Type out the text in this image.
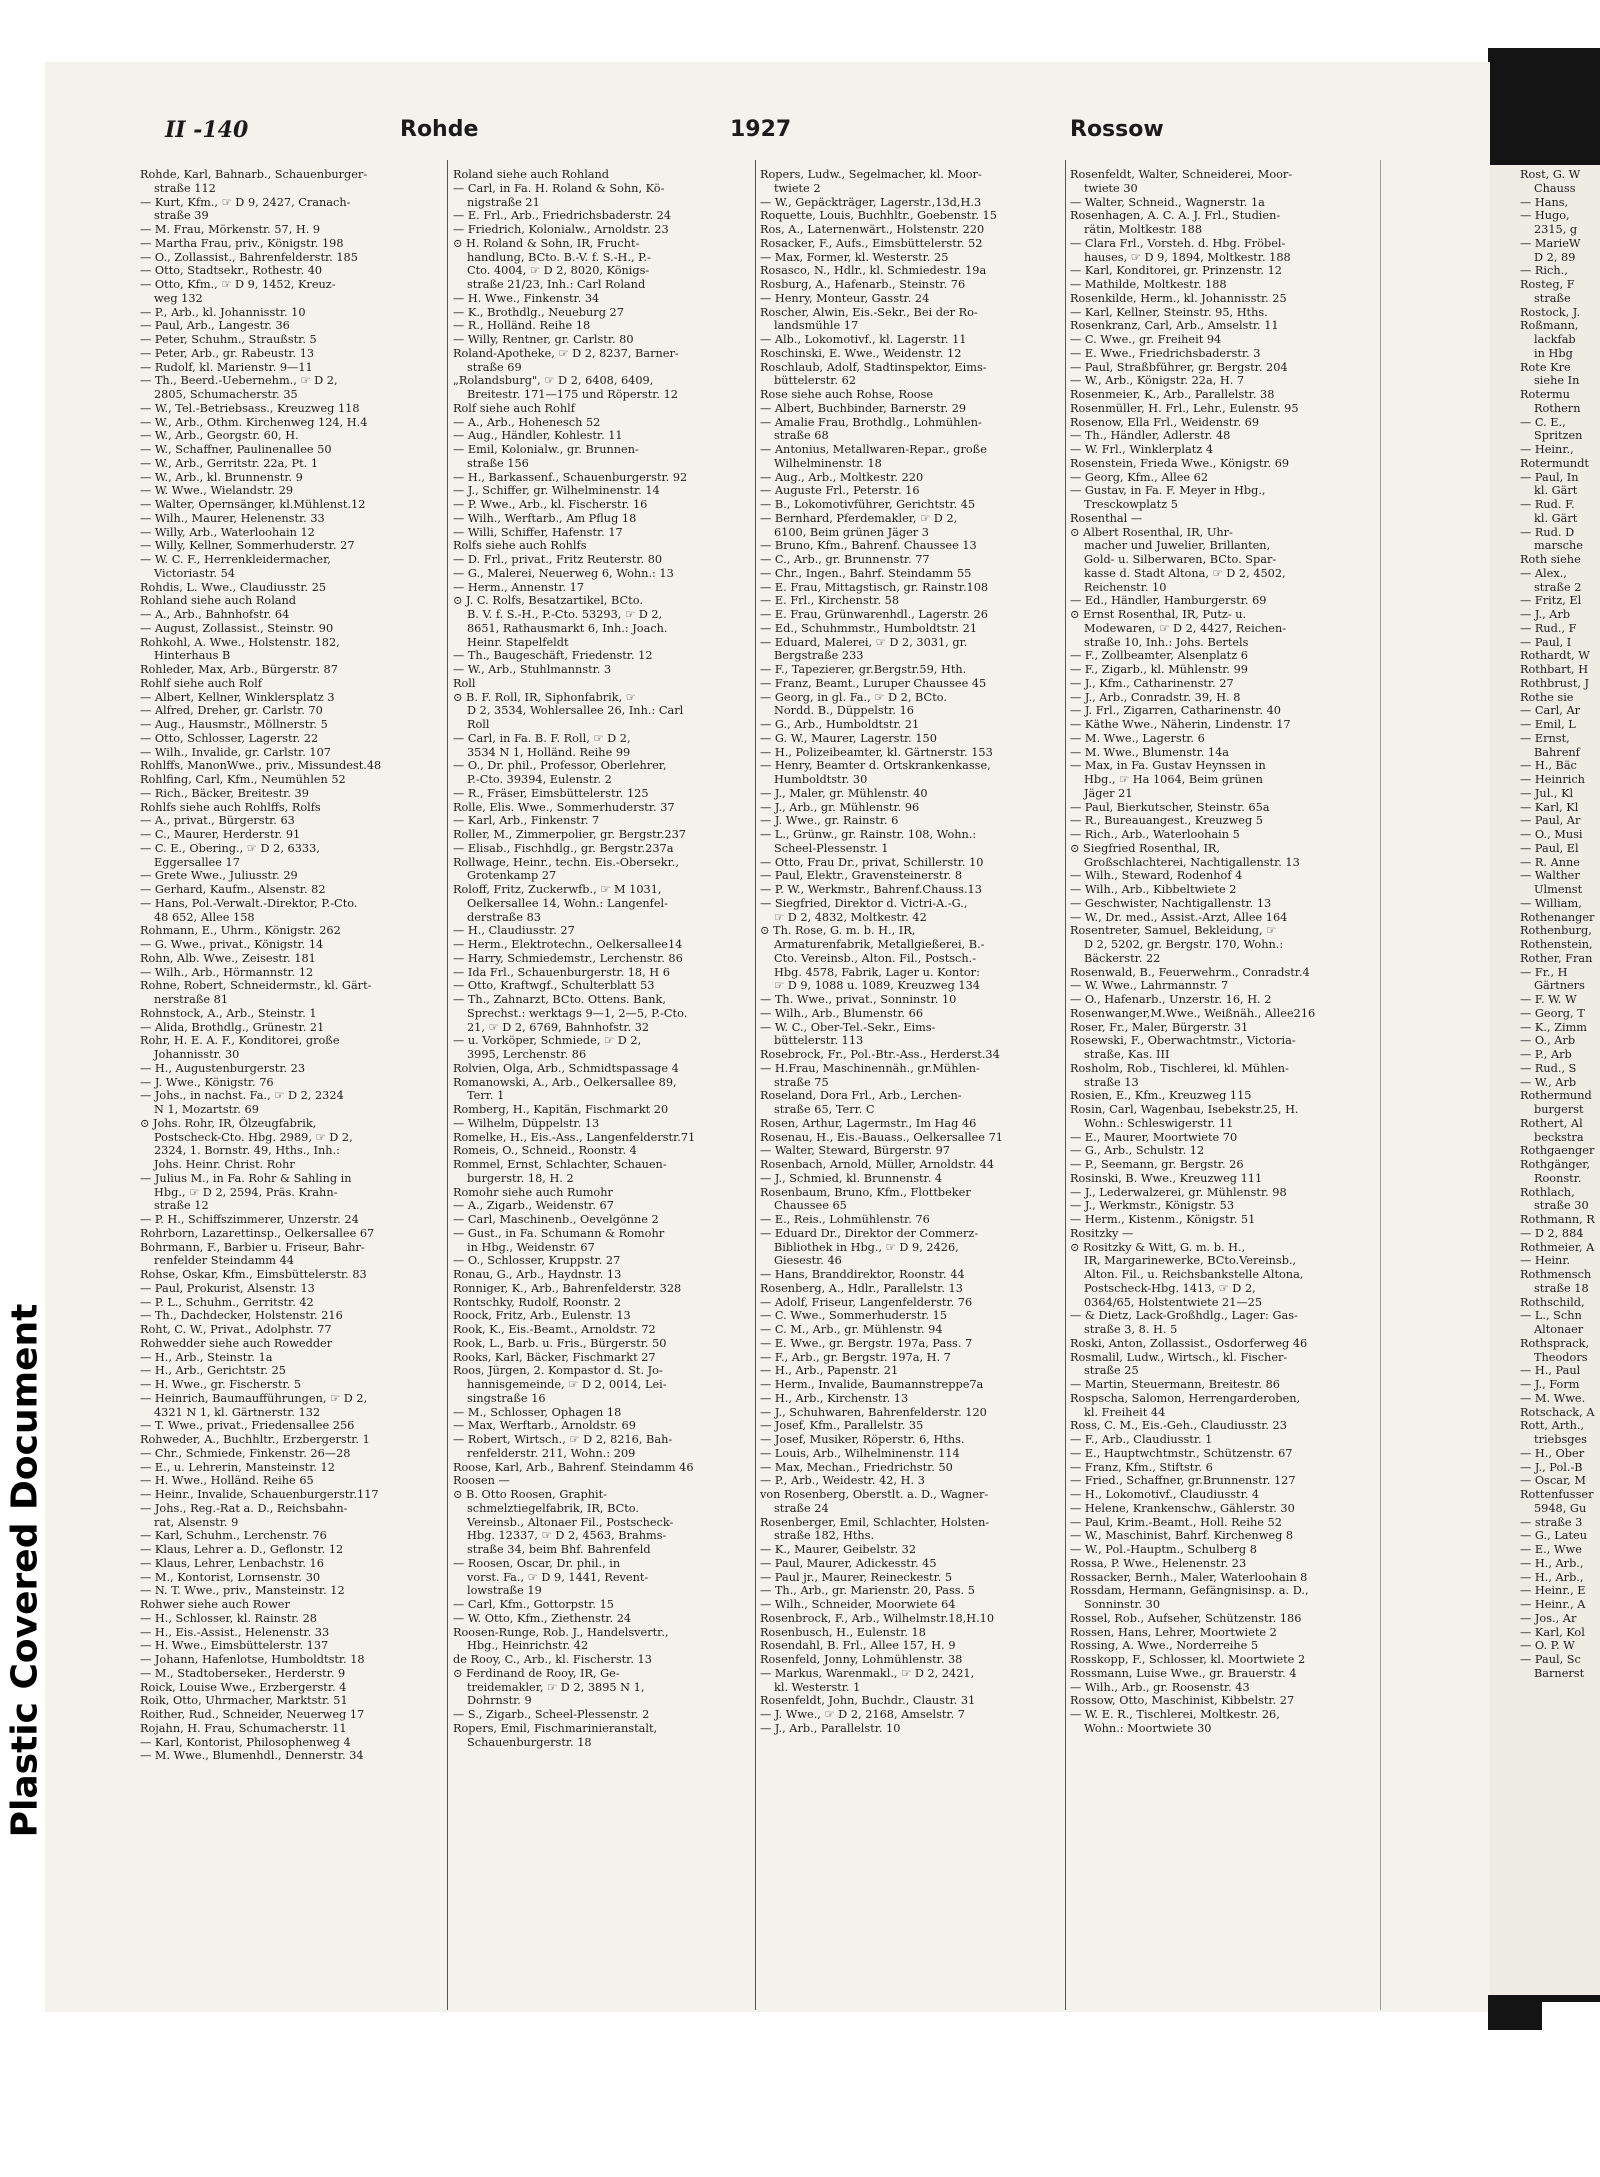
II -140	Rohde	1927	Rossow
Rohde, Karl, Bahnarb., Schauenburger-
straße 112
— Kurt, Kfm., ☞ D 9, 2427, Cranach-
straße 39
— M. Frau, Mörkenstr. 57, H. 9
— Martha Frau, priv., Königstr. 198
— O., Zollassist., Bahrenfelderstr. 185
— Otto, Stadtsekr., Rothestr. 40
— Otto, Kfm., ☞ D 9, 1452, Kreuz-
weg 132
— P., Arb., kl. Johannisstr. 10
— Paul, Arb., Langestr. 36
— Peter, Schuhm., Straußstr. 5
— Peter, Arb., gr. Rabeustr. 13
— Rudolf, kl. Marienstr. 9—11
— Th., Beerd.-Uebernehm., ☞ D 2,
2805, Schumacherstr. 35
— W., Tel.-Betriebsass., Kreuzweg 118
— W., Arb., Othm. Kirchenweg 124, H.4
— W., Arb., Georgstr. 60, H.
— W., Schaffner, Paulinenallee 50
— W., Arb., Gerritstr. 22a, Pt. 1
— W., Arb., kl. Brunnenstr. 9
— W. Wwe., Wielandstr. 29
— Walter, Opernsänger, kl.Mühlenst.12
— Wilh., Maurer, Helenenstr. 33
— Willy, Arb., Waterloohain 12
— Willy, Kellner, Sommerhuderstr. 27
— W. C. F., Herrenkleidermacher,
Victoriastr. 54
Rohdis, L. Wwe., Claudiusstr. 25
Rohland siehe auch Roland
— A., Arb., Bahnhofstr. 64
— August, Zollassist., Steinstr. 90
Rohkohl, A. Wwe., Holstenstr. 182,
Hinterhaus B
Rohleder, Max, Arb., Bürgerstr. 87
Rohlf siehe auch Rolf
— Albert, Kellner, Winklersplatz 3
— Alfred, Dreher, gr. Carlstr. 70
— Aug., Hausmstr., Möllnerstr. 5
— Otto, Schlosser, Lagerstr. 22
— Wilh., Invalide, gr. Carlstr. 107
Rohlffs, ManonWwe., priv., Missundest.48
Rohlfing, Carl, Kfm., Neumühlen 52
— Rich., Bäcker, Breitestr. 39
Rohlfs siehe auch Rohlffs, Rolfs
— A., privat., Bürgerstr. 63
— C., Maurer, Herderstr. 91
— C. E., Obering., ☞ D 2, 6333,
Eggersallee 17
— Grete Wwe., Juliusstr. 29
— Gerhard, Kaufm., Alsenstr. 82
— Hans, Pol.-Verwalt.-Direktor, P.-Cto.
48 652, Allee 158
Rohmann, E., Uhrm., Königstr. 262
— G. Wwe., privat., Königstr. 14
Rohn, Alb. Wwe., Zeisestr. 181
— Wilh., Arb., Hörmannstr. 12
Rohne, Robert, Schneidermstr., kl. Gärt-
nerstraße 81
Rohnstock, A., Arb., Steinstr. 1
— Alida, Brothdlg., Grünestr. 21
Rohr, H. E. A. F., Konditorei, große
Johannisstr. 30
— H., Augustenburgerstr. 23
— J. Wwe., Königstr. 76
— Johs., in nachst. Fa., ☞ D 2, 2324
N 1, Mozartstr. 69
⊙ Johs. Rohr, IR, Ölzeugfabrik,
Postscheck-Cto. Hbg. 2989, ☞ D 2,
2324, 1. Bornstr. 49, Hths., Inh.:
Johs. Heinr. Christ. Rohr
— Julius M., in Fa. Rohr & Sahling in
Hbg., ☞ D 2, 2594, Präs. Krahn-
straße 12
— P. H., Schiffszimmerer, Unzerstr. 24
Rohrborn, Lazarettinsp., Oelkersallee 67
Bohrmann, F., Barbier u. Friseur, Bahr-
renfelder Steindamm 44
Rohse, Oskar, Kfm., Eimsbüttelerstr. 83
— Paul, Prokurist, Alsenstr. 13
— P. L., Schuhm., Gerritstr. 42
— Th., Dachdecker, Holstenstr. 216
Roht, C. W., Privat., Adolphstr. 77
Rohwedder siehe auch Rowedder
— H., Arb., Steinstr. 1a
— H., Arb., Gerichtstr. 25
— H. Wwe., gr. Fischerstr. 5
— Heinrich, Baumaufführungen, ☞ D 2,
4321 N 1, kl. Gärtnerstr. 132
— T. Wwe., privat., Friedensallee 256
Rohweder, A., Buchhltr., Erzbergerstr. 1
— Chr., Schmiede, Finkenstr. 26—28
— E., u. Lehrerin, Mansteinstr. 12
— H. Wwe., Holländ. Reihe 65
— Heinr., Invalide, Schauenburgerstr.117
— Johs., Reg.-Rat a. D., Reichsbahn-
rat, Alsenstr. 9
— Karl, Schuhm., Lerchenstr. 76
— Klaus, Lehrer a. D., Geflonstr. 12
— Klaus, Lehrer, Lenbachstr. 16
— M., Kontorist, Lornsenstr. 30
— N. T. Wwe., priv., Mansteinstr. 12
Rohwer siehe auch Rower
— H., Schlosser, kl. Rainstr. 28
— H., Eis.-Assist., Helenenstr. 33
— H. Wwe., Eimsbüttelerstr. 137
— Johann, Hafenlotse, Humboldtstr. 18
— M., Stadtoberseker., Herderstr. 9
Roick, Louise Wwe., Erzbergerstr. 4
Roik, Otto, Uhrmacher, Marktstr. 51
Roither, Rud., Schneider, Neuerweg 17
Rojahn, H. Frau, Schumacherstr. 11
— Karl, Kontorist, Philosophenweg 4
— M. Wwe., Blumenhdl., Dennerstr. 34
Roland siehe auch Rohland
— Carl, in Fa. H. Roland & Sohn, Kö-
nigstraße 21
— E. Frl., Arb., Friedrichsbaderstr. 24
— Friedrich, Kolonialw., Arnoldstr. 23
⊙ H. Roland & Sohn, IR, Frucht-
handlung, BCto. B.-V. f. S.-H., P.-
Cto. 4004, ☞ D 2, 8020, Königs-
straße 21/23, Inh.: Carl Roland
— H. Wwe., Finkenstr. 34
— K., Brothdlg., Neueburg 27
— R., Holländ. Reihe 18
— Willy, Rentner, gr. Carlstr. 80
Roland-Apotheke, ☞ D 2, 8237, Barner-
straße 69
„Rolandsburg", ☞ D 2, 6408, 6409,
Breitestr. 171—175 und Röperstr. 12
Rolf siehe auch Rohlf
— A., Arb., Hohenesch 52
— Aug., Händler, Kohlestr. 11
— Emil, Kolonialw., gr. Brunnen-
straße 156
— H., Barkassenf., Schauenburgerstr. 92
— J., Schiffer, gr. Wilhelminenstr. 14
— P. Wwe., Arb., kl. Fischerstr. 16
— Wilh., Werftarb., Am Pflug 18
— Willi, Schiffer, Hafenstr. 17
Rolfs siehe auch Rohlfs
— D. Frl., privat., Fritz Reuterstr. 80
— G., Malerei, Neuerweg 6, Wohn.: 13
— Herm., Annenstr. 17
⊙ J. C. Rolfs, Besatzartikel, BCto.
B. V. f. S.-H., P.-Cto. 53293, ☞ D 2,
8651, Rathausmarkt 6, Inh.: Joach.
Heinr. Stapelfeldt
— Th., Baugeschäft, Friedenstr. 12
— W., Arb., Stuhlmannstr. 3
Roll
⊙ B. F. Roll, IR, Siphonfabrik, ☞
D 2, 3534, Wohlersallee 26, Inh.: Carl
Roll
— Carl, in Fa. B. F. Roll, ☞ D 2,
3534 N 1, Holländ. Reihe 99
— O., Dr. phil., Professor, Oberlehrer,
P.-Cto. 39394, Eulenstr. 2
— R., Fräser, Eimsbüttelerstr. 125
Rolle, Elis. Wwe., Sommerhuderstr. 37
— Karl, Arb., Finkenstr. 7
Roller, M., Zimmerpolier, gr. Bergstr.237
— Elisab., Fischhdlg., gr. Bergstr.237a
Rollwage, Heinr., techn. Eis.-Obersekr.,
Grotenkamp 27
Roloff, Fritz, Zuckerwfb., ☞ M 1031,
Oelkersallee 14, Wohn.: Langenfel-
derstraße 83
— H., Claudiusstr. 27
— Herm., Elektrotechn., Oelkersallee14
— Harry, Schmiedemstr., Lerchenstr. 86
— Ida Frl., Schauenburgerstr. 18, H 6
— Otto, Kraftwgf., Schulterblatt 53
— Th., Zahnarzt, BCto. Ottens. Bank,
Sprechst.: werktags 9—1, 2—5, P.-Cto.
21, ☞ D 2, 6769, Bahnhofstr. 32
— u. Vorköper, Schmiede, ☞ D 2,
3995, Lerchenstr. 86
Rolvien, Olga, Arb., Schmidtspassage 4
Romanowski, A., Arb., Oelkersallee 89,
Terr. 1
Romberg, H., Kapitän, Fischmarkt 20
— Wilhelm, Düppelstr. 13
Romelke, H., Eis.-Ass., Langenfelderstr.71
Romeis, O., Schneid., Roonstr. 4
Rommel, Ernst, Schlachter, Schauen-
burgerstr. 18, H. 2
Romohr siehe auch Rumohr
— A., Zigarb., Weidenstr. 67
— Carl, Maschinenb., Oevelgönne 2
— Gust., in Fa. Schumann & Romohr
in Hbg., Weidenstr. 67
— O., Schlosser, Kruppstr. 27
Ronau, G., Arb., Haydnstr. 13
Ronniger, K., Arb., Bahrenfelderstr. 328
Rontschky, Rudolf, Roonstr. 2
Roock, Fritz, Arb., Eulenstr. 13
Rook, K., Eis.-Beamt., Arnoldstr. 72
Rook, L., Barb. u. Fris., Bürgerstr. 50
Rooks, Karl, Bäcker, Fischmarkt 27
Roos, Jürgen, 2. Kompastor d. St. Jo-
hannisgemeinde, ☞ D 2, 0014, Lei-
singstraße 16
— M., Schlosser, Ophagen 18
— Max, Werftarb., Arnoldstr. 69
— Robert, Wirtsch., ☞ D 2, 8216, Bah-
renfelderstr. 211, Wohn.: 209
Roose, Karl, Arb., Bahrenf. Steindamm 46
Roosen —
⊙ B. Otto Roosen, Graphit-
schmelztiegelfabrik, IR, BCto.
Vereinsb., Altonaer Fil., Postscheck-
Hbg. 12337, ☞ D 2, 4563, Brahms-
straße 34, beim Bhf. Bahrenfeld
— Roosen, Oscar, Dr. phil., in
vorst. Fa., ☞ D 9, 1441, Revent-
lowstraße 19
— Carl, Kfm., Gottorpstr. 15
— W. Otto, Kfm., Ziethenstr. 24
Roosen-Runge, Rob. J., Handelsvertr.,
Hbg., Heinrichstr. 42
de Rooy, C., Arb., kl. Fischerstr. 13
⊙ Ferdinand de Rooy, IR, Ge-
treidemakler, ☞ D 2, 3895 N 1,
Dohrnstr. 9
— S., Zigarb., Scheel-Plessenstr. 2
Ropers, Emil, Fischmarinieranstalt,
Schauenburgerstr. 18
Ropers, Ludw., Segelmacher, kl. Moor-
twiete 2
— W., Gepäckträger, Lagerstr.,13d,H.3
Roquette, Louis, Buchhltr., Goebenstr. 15
Ros, A., Laternenwärt., Holstenstr. 220
Rosacker, F., Aufs., Eimsbüttelerstr. 52
— Max, Former, kl. Westerstr. 25
Rosasco, N., Hdlr., kl. Schmiedestr. 19a
Rosburg, A., Hafenarb., Steinstr. 76
— Henry, Monteur, Gasstr. 24
Roscher, Alwin, Eis.-Sekr., Bei der Ro-
landsmühle 17
— Alb., Lokomotivf., kl. Lagerstr. 11
Roschinski, E. Wwe., Weidenstr. 12
Roschlaub, Adolf, Stadtinspektor, Eims-
büttelerstr. 62
Rose siehe auch Rohse, Roose
— Albert, Buchbinder, Barnerstr. 29
— Amalie Frau, Brothdlg., Lohmühlen-
straße 68
— Antonius, Metallwaren-Repar., große
Wilhelminenstr. 18
— Aug., Arb., Moltkestr. 220
— Auguste Frl., Peterstr. 16
— B., Lokomotivführer, Gerichtstr. 45
— Bernhard, Pferdemakler, ☞ D 2,
6100, Beim grünen Jäger 3
— Bruno, Kfm., Bahrenf. Chaussee 13
— C., Arb., gr. Brunnenstr. 77
— Chr., Ingen., Bahrf. Steindamm 55
— E. Frau, Mittagstisch, gr. Rainstr.108
— E. Frl., Kirchenstr. 58
— E. Frau, Grünwarenhdl., Lagerstr. 26
— Ed., Schuhmmstr., Humboldtstr. 21
— Eduard, Malerei, ☞ D 2, 3031, gr.
Bergstraße 233
— F., Tapezierer, gr.Bergstr.59, Hth.
— Franz, Beamt., Luruper Chaussee 45
— Georg, in gl. Fa., ☞ D 2, BCto.
Nordd. B., Düppelstr. 16
— G., Arb., Humboldtstr. 21
— G. W., Maurer, Lagerstr. 150
— H., Polizeibeamter, kl. Gärtnerstr. 153
— Henry, Beamter d. Ortskrankenkasse,
Humboldtstr. 30
— J., Maler, gr. Mühlenstr. 40
— J., Arb., gr. Mühlenstr. 96
— J. Wwe., gr. Rainstr. 6
— L., Grünw., gr. Rainstr. 108, Wohn.:
Scheel-Plessenstr. 1
— Otto, Frau Dr., privat, Schillerstr. 10
— Paul, Elektr., Gravensteinerstr. 8
— P. W., Werkmstr., Bahrenf.Chauss.13
— Siegfried, Direktor d. Victri-A.-G.,
☞ D 2, 4832, Moltkestr. 42
⊙ Th. Rose, G. m. b. H., IR,
Armaturenfabrik, Metallgießerei, B.-
Cto. Vereinsb., Alton. Fil., Postsch.-
Hbg. 4578, Fabrik, Lager u. Kontor:
☞ D 9, 1088 u. 1089, Kreuzweg 134
— Th. Wwe., privat., Sonninstr. 10
— Wilh., Arb., Blumenstr. 66
— W. C., Ober-Tel.-Sekr., Eims-
büttelerstr. 113
Rosebrock, Fr., Pol.-Btr.-Ass., Herderst.34
— H.Frau, Maschinennäh., gr.Mühlen-
straße 75
Roseland, Dora Frl., Arb., Lerchen-
straße 65, Terr. C
Rosen, Arthur, Lagermstr., Im Hag 46
Rosenau, H., Eis.-Bauass., Oelkersallee 71
— Walter, Steward, Bürgerstr. 97
Rosenbach, Arnold, Müller, Arnoldstr. 44
— J., Schmied, kl. Brunnenstr. 4
Rosenbaum, Bruno, Kfm., Flottbeker
Chaussee 65
— E., Reis., Lohmühlenstr. 76
— Eduard Dr., Direktor der Commerz-
Bibliothek in Hbg., ☞ D 9, 2426,
Giesestr. 46
— Hans, Branddirektor, Roonstr. 44
Rosenberg, A., Hdlr., Parallelstr. 13
— Adolf, Friseur, Langenfelderstr. 76
— C. Wwe., Sommerhuderstr. 15
— C. M., Arb., gr. Mühlenstr. 94
— E. Wwe., gr. Bergstr. 197a, Pass. 7
— F., Arb., gr. Bergstr. 197a, H. 7
— H., Arb., Papenstr. 21
— Herm., Invalide, Baumannstreppe7a
— H., Arb., Kirchenstr. 13
— J., Schuhwaren, Bahrenfelderstr. 120
— Josef, Kfm., Parallelstr. 35
— Josef, Musiker, Röperstr. 6, Hths.
— Louis, Arb., Wilhelminenstr. 114
— Max, Mechan., Friedrichstr. 50
— P., Arb., Weidestr. 42, H. 3
von Rosenberg, Oberstlt. a. D., Wagner-
straße 24
Rosenberger, Emil, Schlachter, Holsten-
straße 182, Hths.
— K., Maurer, Geibelstr. 32
— Paul, Maurer, Adickesstr. 45
— Paul jr., Maurer, Reineckestr. 5
— Th., Arb., gr. Marienstr. 20, Pass. 5
— Wilh., Schneider, Moorwiete 64
Rosenbrock, F., Arb., Wilhelmstr.18,H.10
Rosenbusch, H., Eulenstr. 18
Rosendahl, B. Frl., Allee 157, H. 9
Rosenfeld, Jonny, Lohmühlenstr. 38
— Markus, Warenmakl., ☞ D 2, 2421,
kl. Westerstr. 1
Rosenfeldt, John, Buchdr., Claustr. 31
— J. Wwe., ☞ D 2, 2168, Amselstr. 7
— J., Arb., Parallelstr. 10
Rosenfeldt, Walter, Schneiderei, Moor-
twiete 30
— Walter, Schneid., Wagnerstr. 1a
Rosenhagen, A. C. A. J. Frl., Studien-
rätin, Moltkestr. 188
— Clara Frl., Vorsteh. d. Hbg. Fröbel-
hauses, ☞ D 9, 1894, Moltkestr. 188
— Karl, Konditorei, gr. Prinzenstr. 12
— Mathilde, Moltkestr. 188
Rosenkilde, Herm., kl. Johannisstr. 25
— Karl, Kellner, Steinstr. 95, Hths.
Rosenkranz, Carl, Arb., Amselstr. 11
— C. Wwe., gr. Freiheit 94
— E. Wwe., Friedrichsbaderstr. 3
— Paul, Straßbführer, gr. Bergstr. 204
— W., Arb., Königstr. 22a, H. 7
Rosenmeier, K., Arb., Parallelstr. 38
Rosenmüller, H. Frl., Lehr., Eulenstr. 95
Rosenow, Ella Frl., Weidenstr. 69
— Th., Händler, Adlerstr. 48
— W. Frl., Winklerplatz 4
Rosenstein, Frieda Wwe., Königstr. 69
— Georg, Kfm., Allee 62
— Gustav, in Fa. F. Meyer in Hbg.,
Tresckowplatz 5
Rosenthal —
⊙ Albert Rosenthal, IR, Uhr-
macher und Juwelier, Brillanten,
Gold- u. Silberwaren, BCto. Spar-
kasse d. Stadt Altona, ☞ D 2, 4502,
Reichenstr. 10
— Ed., Händler, Hamburgerstr. 69
⊙ Ernst Rosenthal, IR, Putz- u.
Modewaren, ☞ D 2, 4427, Reichen-
straße 10, Inh.: Johs. Bertels
— F., Zollbeamter, Alsenplatz 6
— F., Zigarb., kl. Mühlenstr. 99
— J., Kfm., Catharinenstr. 27
— J., Arb., Conradstr. 39, H. 8
— J. Frl., Zigarren, Catharinenstr. 40
— Käthe Wwe., Näherin, Lindenstr. 17
— M. Wwe., Lagerstr. 6
— M. Wwe., Blumenstr. 14a
— Max, in Fa. Gustav Heynssen in
Hbg., ☞ Ha 1064, Beim grünen
Jäger 21
— Paul, Bierkutscher, Steinstr. 65a
— R., Bureauangest., Kreuzweg 5
— Rich., Arb., Waterloohain 5
⊙ Siegfried Rosenthal, IR,
Großschlachterei, Nachtigallenstr. 13
— Wilh., Steward, Rodenhof 4
— Wilh., Arb., Kibbeltwiete 2
— Geschwister, Nachtigallenstr. 13
— W., Dr. med., Assist.-Arzt, Allee 164
Rosentreter, Samuel, Bekleidung, ☞
D 2, 5202, gr. Bergstr. 170, Wohn.:
Bäckerstr. 22
Rosenwald, B., Feuerwehrm., Conradstr.4
— W. Wwe., Lahrmannstr. 7
— O., Hafenarb., Unzerstr. 16, H. 2
Rosenwanger,M.Wwe., Weißnäh., Allee216
Roser, Fr., Maler, Bürgerstr. 31
Rosewski, F., Oberwachtmstr., Victoria-
straße, Kas. III
Rosholm, Rob., Tischlerei, kl. Mühlen-
straße 13
Rosien, E., Kfm., Kreuzweg 115
Rosin, Carl, Wagenbau, Isebekstr.25, H.
Wohn.: Schleswigerstr. 11
— E., Maurer, Moortwiete 70
— G., Arb., Schulstr. 12
— P., Seemann, gr. Bergstr. 26
Rosinski, B. Wwe., Kreuzweg 111
— J., Lederwalzerei, gr. Mühlenstr. 98
— J., Werkmstr., Königstr. 53
— Herm., Kistenm., Königstr. 51
Rositzky —
⊙ Rositzky & Witt, G. m. b. H.,
IR, Margarinewerke, BCto.Vereinsb.,
Alton. Fil., u. Reichsbankstelle Altona,
Postscheck-Hbg. 1413, ☞ D 2,
0364/65, Holstentwiete 21—25
— & Dietz, Lack-Großhdlg., Lager: Gas-
straße 3, 8. H. 5
Roski, Anton, Zollassist., Osdorferweg 46
Rosmalil, Ludw., Wirtsch., kl. Fischer-
straße 25
— Martin, Steuermann, Breitestr. 86
Rospscha, Salomon, Herrengarderoben,
kl. Freiheit 44
Ross, C. M., Eis.-Geh., Claudiusstr. 23
— F., Arb., Claudiusstr. 1
— E., Hauptwchtmstr., Schützenstr. 67
— Franz, Kfm., Stiftstr. 6
— Fried., Schaffner, gr.Brunnenstr. 127
— H., Lokomotivf., Claudiusstr. 4
— Helene, Krankenschw., Gählerstr. 30
— Paul, Krim.-Beamt., Holl. Reihe 52
— W., Maschinist, Bahrf. Kirchenweg 8
— W., Pol.-Hauptm., Schulberg 8
Rossa, P. Wwe., Helenenstr. 23
Rossacker, Bernh., Maler, Waterloohain 8
Rossdam, Hermann, Gefängnisinsp. a. D.,
Sonninstr. 30
Rossel, Rob., Aufseher, Schützenstr. 186
Rossen, Hans, Lehrer, Moortwiete 2
Rossing, A. Wwe., Norderreihe 5
Rosskopp, F., Schlosser, kl. Moortwiete 2
Rossmann, Luise Wwe., gr. Brauerstr. 4
— Wilh., Arb., gr. Roosenstr. 43
Rossow, Otto, Maschinist, Kibbelstr. 27
— W. E. R., Tischlerei, Moltkestr. 26,
Wohn.: Moortwiete 30
Rost, G. W
Chauss
— Hans,
— Hugo,
2315, g
— MarieW
D 2, 89
— Rich.,
Rosteg, F
straße
Rostock, J.
Roßmann,
lackfab
in Hbg
Rote Kre
siehe In
Rotermu
Rothern
— C. E.,
Spritzen
— Heinr.,
Rotermundt
— Paul, In
kl. Gärt
— Rud. F.
kl. Gärt
— Rud. D
marsche
Roth siehe
— Alex.,
straße 2
— Fritz, El
— J., Arb
— Rud., F
— Paul, I
Rothardt, W
Rothbart, H
Rothbrust, J
Rothe sie
— Carl, Ar
— Emil, L
— Ernst,
Bahrenf
— H., Bäc
— Heinrich
— Jul., Kl
— Karl, Kl
— Paul, Ar
— O., Musi
— Paul, El
— R. Anne
— Walther
Ulmenst
— William,
Rothenanger
Rothenburg,
Rothenstein,
Rother, Fran
— Fr., H
Gärtners
— F. W. W
— Georg, T
— K., Zimm
— O., Arb
— P., Arb
— Rud., S
— W., Arb
Rothermund
burgerst
Rothert, Al
beckstra
Rothgaenger
Rothgänger,
Roonstr.
Rothlach,
straße 30
Rothmann, R
— D 2, 884
Rothmeier, A
— Heinr.
Rothmensch
straße 18
Rothschild,
— L., Schn
Altonaer
Rothsprack,
Theodors
— H., Paul
— J., Form
— M. Wwe.
Rotschack, A
Rott, Arth.,
triebsges
— H., Ober
— J., Pol.-B
— Oscar, M
Rottenfusser
5948, Gu
— straße 3
— G., Lateu
— E., Wwe
— H., Arb.,
— H., Arb.,
— Heinr., E
— Heinr., A
— Jos., Ar
— Karl, Kol
— O. P. W
— Paul, Sc
Barnerst
Plastic Covered Document
